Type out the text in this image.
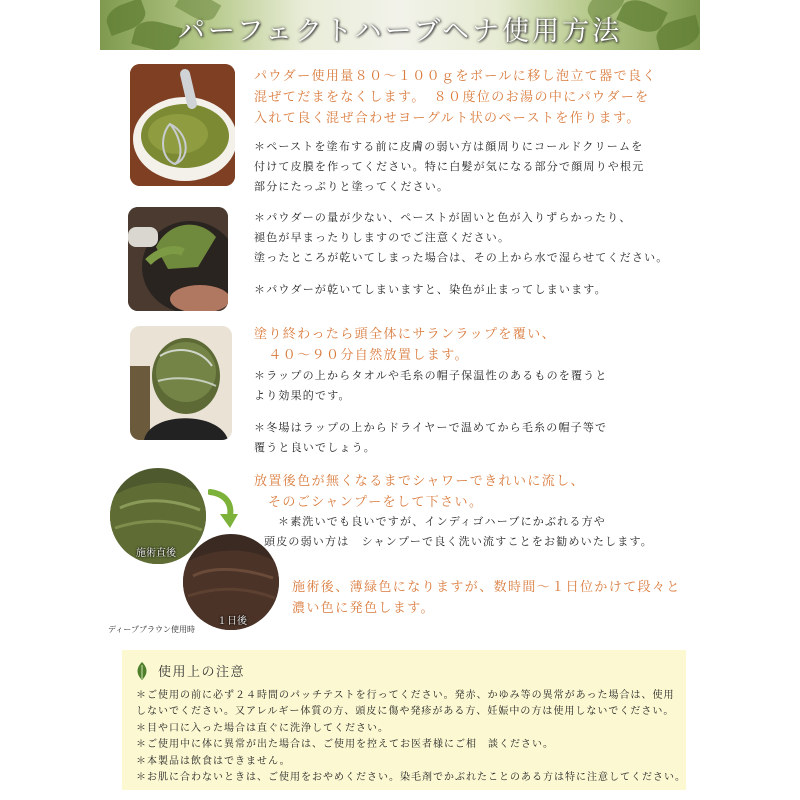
パーフェクトハーブヘナ使用方法
パウダー使用量８０～１００ｇをボールに移し泡立て器で良く
混ぜてだまをなくします。　８０度位のお湯の中にパウダーを
入れて良く混ぜ合わせヨーグルト状のペーストを作ります。
＊ペーストを塗布する前に皮膚の弱い方は顔周りにコールドクリームを
付けて皮膜を作ってください。特に白髪が気になる部分で顔周りや根元
部分にたっぷりと塗ってください。
＊パウダーの量が少ない、ペーストが固いと色が入りずらかったり、
褪色が早まったりしますのでご注意ください。
塗ったところが乾いてしまった場合は、その上から水で湿らせてください。
＊パウダーが乾いてしまいますと、染色が止まってしまいます。
塗り終わったら頭全体にサランラップを覆い、
　４０～９０分自然放置します。
＊ラップの上からタオルや毛糸の帽子保温性のあるものを覆うと
より効果的です。
＊冬場はラップの上からドライヤーで温めてから毛糸の帽子等で
覆うと良いでしょう。
施術直後
１日後
ディープブラウン使用時
放置後色が無くなるまでシャワーできれいに流し、
そのごシャンプーをして下さい。
＊素洗いでも良いですが、インディゴハーブにかぶれる方や
頭皮の弱い方は　シャンプーで良く洗い流すことをお勧めいたします。
施術後、薄緑色になりますが、数時間～１日位かけて段々と
濃い色に発色します。
使用上の注意
＊ご使用の前に必ず２４時間のパッチテストを行ってください。発赤、かゆみ等の異常があった場合は、使用
しないでください。又アレルギー体質の方、頭皮に傷や発疹がある方、妊娠中の方は使用しないでください。
＊目や口に入った場合は直ぐに洗浄してください。
＊ご使用中に体に異常が出た場合は、ご使用を控えてお医者様にご相　談ください。
＊本製品は飲食はできません。
＊お肌に合わないときは、ご使用をおやめください。染毛剤でかぶれたことのある方は特に注意してください。
